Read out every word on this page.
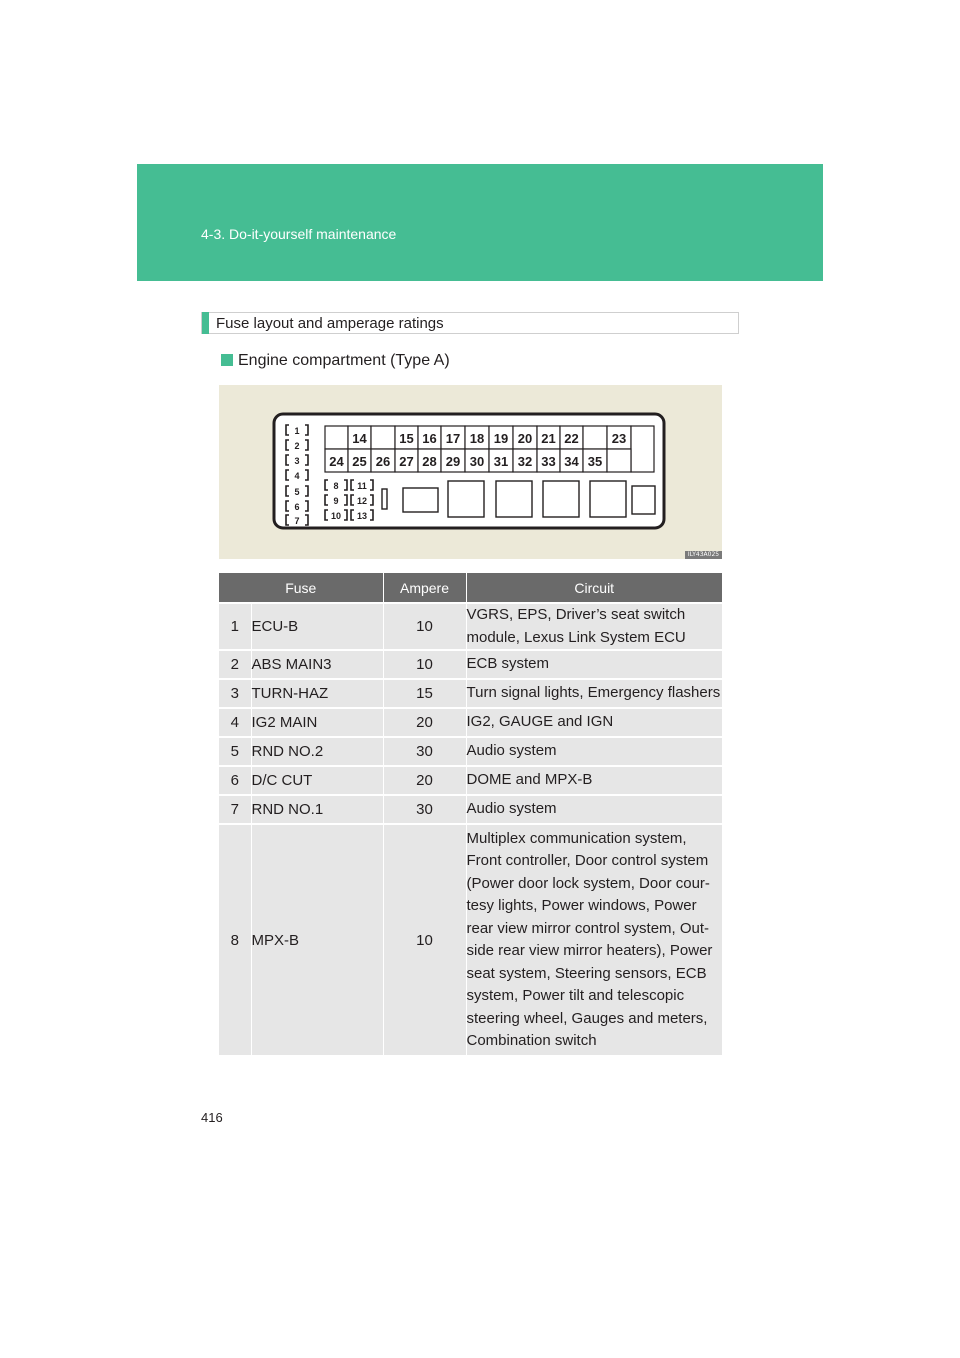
4-3. Do-it-yourself maintenance
Fuse layout and amperage ratings
Engine compartment (Type A)
1
2
3
4
5
6
7
8 11
9 12
10 13
14	15 16 17 18 19 20 21 22	23
24 25 26 27 28 29 30 31 32 33 34 35
ILY43A025
Fuse		Ampere	Circuit
1	ECU-B	10	VGRS, EPS, Driver’s seat switch module, Lexus Link System ECU
2	ABS MAIN3	10	ECB system
3	TURN-HAZ	15	Turn signal lights, Emergency flashers
4	IG2 MAIN	20	IG2, GAUGE and IGN
5	RND NO.2	30	Audio system
6	D/C CUT	20	DOME and MPX-B
7	RND NO.1	30	Audio system
8	MPX-B	10	Multiplex communication system, Front controller, Door control system (Power door lock system, Door cour-tesy lights, Power windows, Power rear view mirror control system, Out-side rear view mirror heaters), Power seat system, Steering sensors, ECB system, Power tilt and telescopic steering wheel, Gauges and meters, Combination switch
416
